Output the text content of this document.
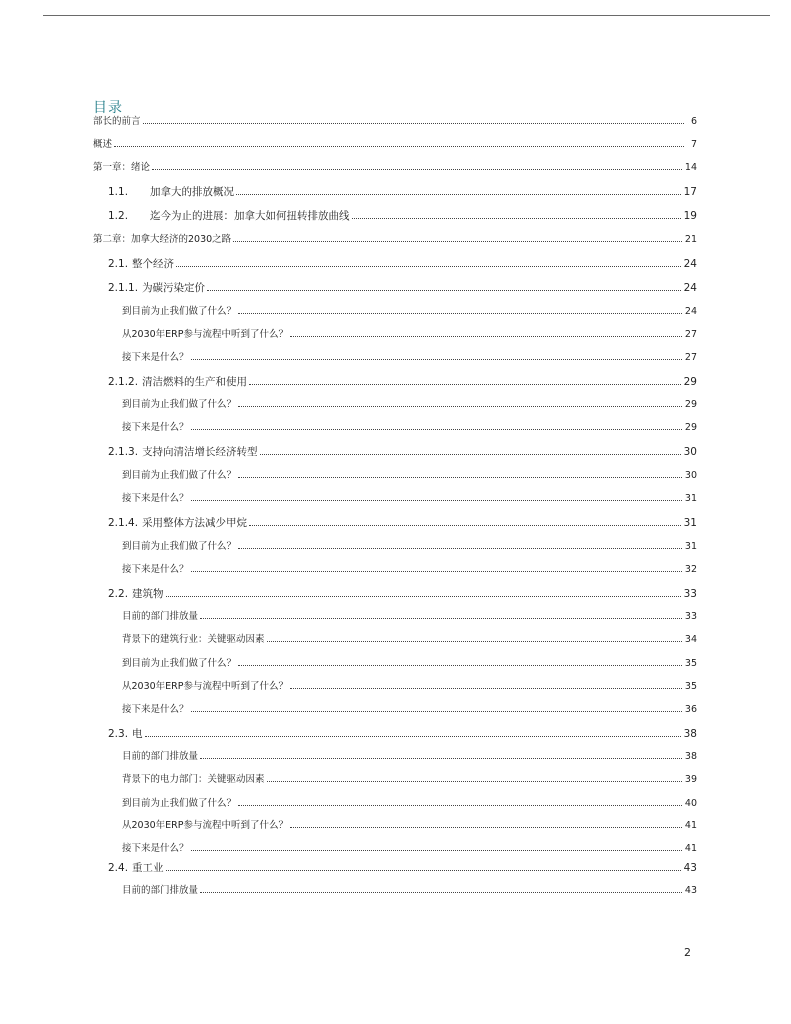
目录
部长的前言	6
概述	7
第一章：绪论	14
1.1.	加拿大的排放概况	17
1.2.	迄今为止的进展：加拿大如何扭转排放曲线	19
第二章：加拿大经济的2030之路	21
2.1. 整个经济	24
2.1.1. 为碳污染定价	24
到目前为止我们做了什么？	24
从2030年ERP参与流程中听到了什么？	27
接下来是什么？	27
2.1.2. 清洁燃料的生产和使用	29
到目前为止我们做了什么？	29
接下来是什么？	29
2.1.3. 支持向清洁增长经济转型	30
到目前为止我们做了什么？	30
接下来是什么？	31
2.1.4. 采用整体方法减少甲烷	31
到目前为止我们做了什么？	31
接下来是什么？	32
2.2. 建筑物	33
目前的部门排放量	33
背景下的建筑行业：关键驱动因素	34
到目前为止我们做了什么？	35
从2030年ERP参与流程中听到了什么？	35
接下来是什么？	36
2.3. 电	38
目前的部门排放量	38
背景下的电力部门：关键驱动因素	39
到目前为止我们做了什么？	40
从2030年ERP参与流程中听到了什么？	41
接下来是什么？	41
2.4. 重工业	43
目前的部门排放量	43
2
